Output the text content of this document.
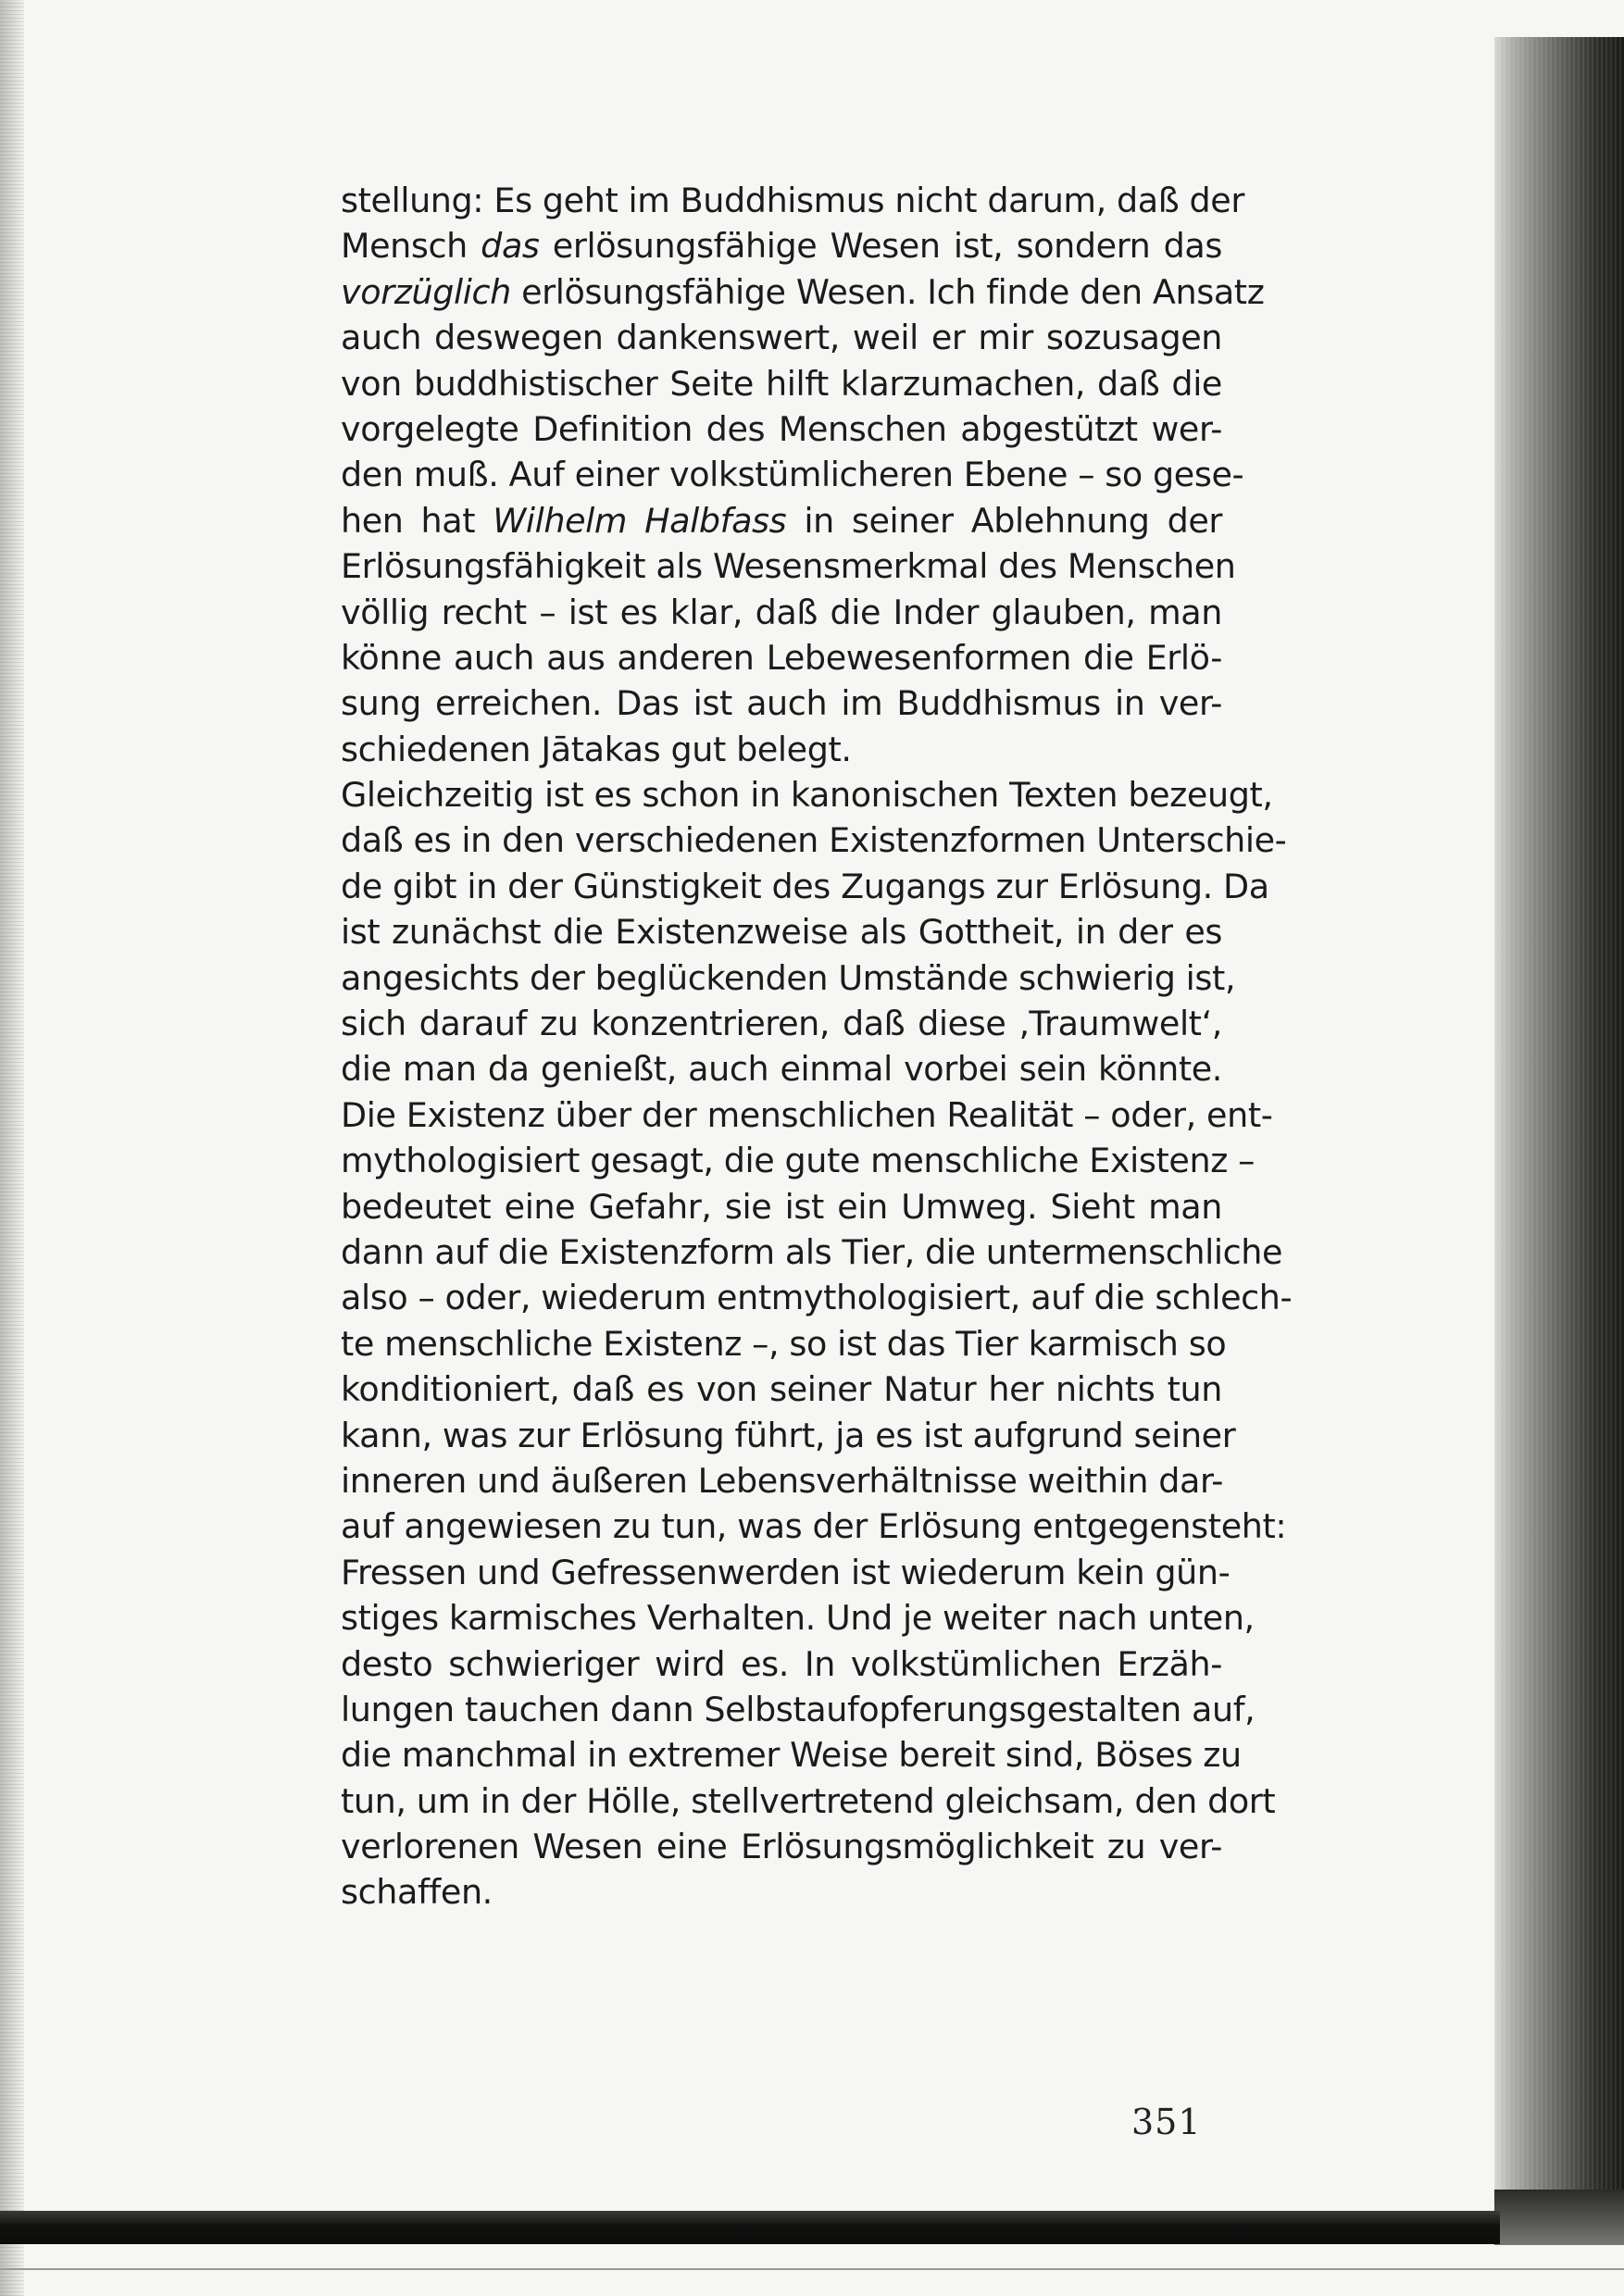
stellung: Es geht im Buddhismus nicht darum, daß der
Mensch das erlösungsfähige Wesen ist, sondern das
vorzüglich erlösungsfähige Wesen. Ich finde den Ansatz
auch deswegen dankenswert, weil er mir sozusagen
von buddhistischer Seite hilft klarzumachen, daß die
vorgelegte Definition des Menschen abgestützt wer-
den muß. Auf einer volkstümlicheren Ebene – so gese-
hen hat Wilhelm Halbfass in seiner Ablehnung der
Erlösungsfähigkeit als Wesensmerkmal des Menschen
völlig recht – ist es klar, daß die Inder glauben, man
könne auch aus anderen Lebewesenformen die Erlö-
sung erreichen. Das ist auch im Buddhismus in ver-
schiedenen Jātakas gut belegt.
Gleichzeitig ist es schon in kanonischen Texten bezeugt,
daß es in den verschiedenen Existenzformen Unterschie-
de gibt in der Günstigkeit des Zugangs zur Erlösung. Da
ist zunächst die Existenzweise als Gottheit, in der es
angesichts der beglückenden Umstände schwierig ist,
sich darauf zu konzentrieren, daß diese ‚Traumwelt‘,
die man da genießt, auch einmal vorbei sein könnte.
Die Existenz über der menschlichen Realität – oder, ent-
mythologisiert gesagt, die gute menschliche Existenz –
bedeutet eine Gefahr, sie ist ein Umweg. Sieht man
dann auf die Existenzform als Tier, die untermenschliche
also – oder, wiederum entmythologisiert, auf die schlech-
te menschliche Existenz –, so ist das Tier karmisch so
konditioniert, daß es von seiner Natur her nichts tun
kann, was zur Erlösung führt, ja es ist aufgrund seiner
inneren und äußeren Lebensverhältnisse weithin dar-
auf angewiesen zu tun, was der Erlösung entgegensteht:
Fressen und Gefressenwerden ist wiederum kein gün-
stiges karmisches Verhalten. Und je weiter nach unten,
desto schwieriger wird es. In volkstümlichen Erzäh-
lungen tauchen dann Selbstaufopferungsgestalten auf,
die manchmal in extremer Weise bereit sind, Böses zu
tun, um in der Hölle, stellvertretend gleichsam, den dort
verlorenen Wesen eine Erlösungsmöglichkeit zu ver-
schaffen.
351
